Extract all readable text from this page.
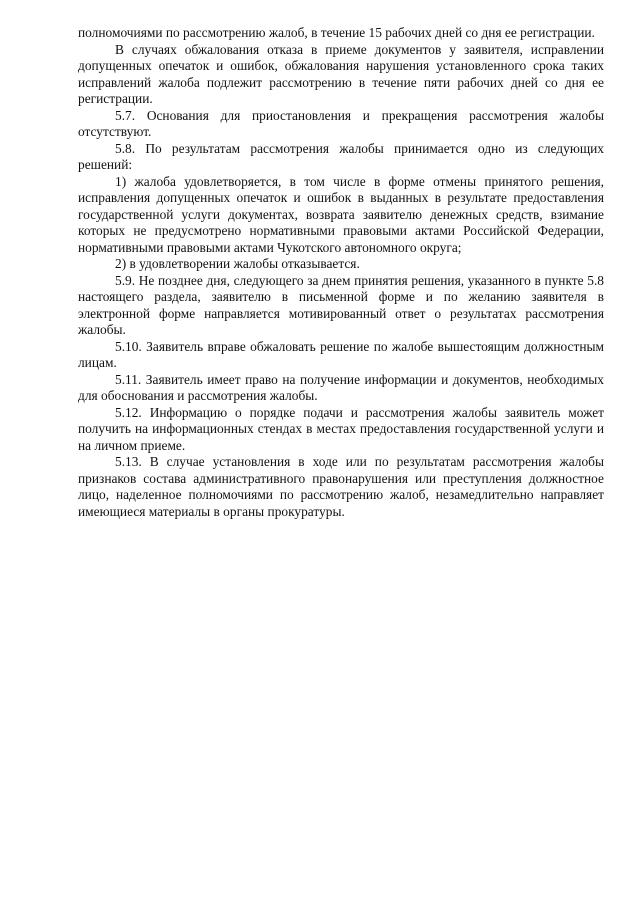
полномочиями по рассмотрению жалоб, в течение 15 рабочих дней со дня ее регистрации.

В случаях обжалования отказа в приеме документов у заявителя, исправлении допущенных опечаток и ошибок, обжалования нарушения установленного срока таких исправлений жалоба подлежит рассмотрению в течение пяти рабочих дней со дня ее регистрации.

5.7. Основания для приостановления и прекращения рассмотрения жалобы отсутствуют.

5.8. По результатам рассмотрения жалобы принимается одно из следующих решений:

1) жалоба удовлетворяется, в том числе в форме отмены принятого решения, исправления допущенных опечаток и ошибок в выданных в результате предоставления государственной услуги документах, возврата заявителю денежных средств, взимание которых не предусмотрено нормативными правовыми актами Российской Федерации, нормативными правовыми актами Чукотского автономного округа;

2) в удовлетворении жалобы отказывается.

5.9. Не позднее дня, следующего за днем принятия решения, указанного в пункте 5.8 настоящего раздела, заявителю в письменной форме и по желанию заявителя в электронной форме направляется мотивированный ответ о результатах рассмотрения жалобы.

5.10. Заявитель вправе обжаловать решение по жалобе вышестоящим должностным лицам.

5.11. Заявитель имеет право на получение информации и документов, необходимых для обоснования и рассмотрения жалобы.

5.12. Информацию о порядке подачи и рассмотрения жалобы заявитель может получить на информационных стендах в местах предоставления государственной услуги и на личном приеме.

5.13. В случае установления в ходе или по результатам рассмотрения жалобы признаков состава административного правонарушения или преступления должностное лицо, наделенное полномочиями по рассмотрению жалоб, незамедлительно направляет имеющиеся материалы в органы прокуратуры.
